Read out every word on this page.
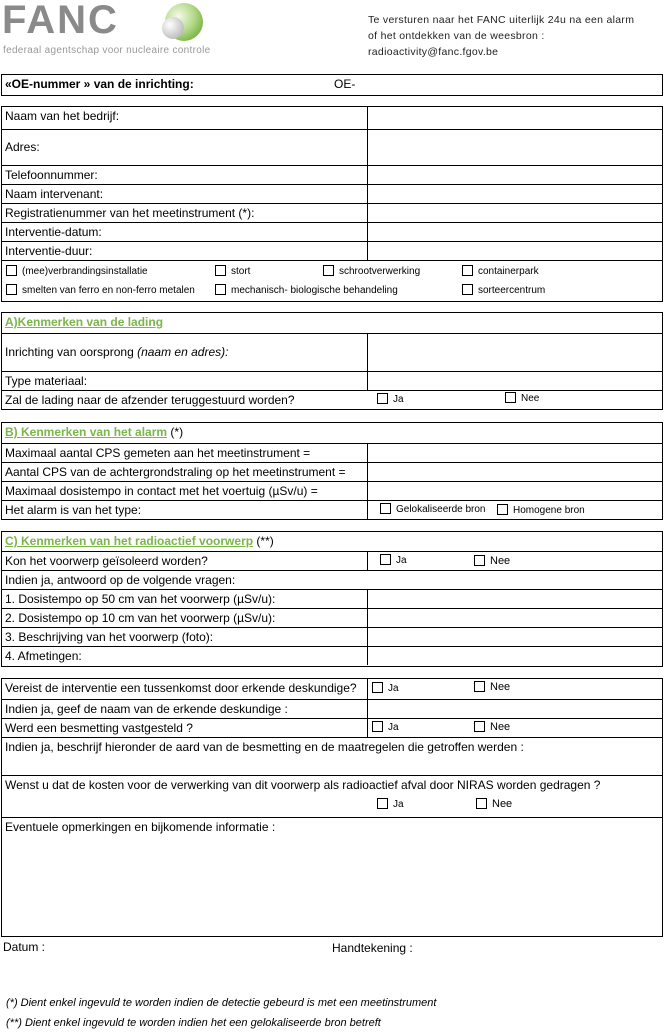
FANC
federaal agentschap voor nucleaire controle
Te versturen naar het FANC uiterlijk 24u na een alarm
of het ontdekken van de weesbron :
radioactivity@fanc.fgov.be
«OE-nummer » van de inrichting:	OE-
Naam van het bedrijf:
Adres:
Telefoonnummer:
Naam intervenant:
Registratienummer van het meetinstrument (*):
Interventie-datum:
Interventie-duur:
(mee)verbrandingsinstallatie	stort	schrootverwerking	containerpark
smelten van ferro en non-ferro metalen	mechanisch- biologische behandeling	sorteercentrum
A)Kenmerken van de lading
Inrichting van oorsprong (naam en adres):
Type materiaal:
Zal de lading naar de afzender teruggestuurd worden?	Ja	Nee
B) Kenmerken van het alarm (*)
Maximaal aantal CPS gemeten aan het meetinstrument =
Aantal CPS van de achtergrondstraling op het meetinstrument =
Maximaal dosistempo in contact met het voertuig (µSv/u) =
Het alarm is van het type:	Gelokaliseerde bron	Homogene bron
C) Kenmerken van het radioactief voorwerp (**)
Kon het voorwerp geïsoleerd worden?	Ja	Nee
Indien ja, antwoord op de volgende vragen:
1. Dosistempo op 50 cm van het voorwerp (µSv/u):
2. Dosistempo op 10 cm van het voorwerp (µSv/u):
3. Beschrijving van het voorwerp (foto):
4. Afmetingen:
Vereist de interventie een tussenkomst door erkende deskundige?	Ja	Nee
Indien ja, geef de naam van de erkende deskundige :
Werd een besmetting vastgesteld ?	Ja	Nee
Indien ja, beschrijf hieronder de aard van de besmetting en de maatregelen die getroffen werden :
Wenst u dat de kosten voor de verwerking van dit voorwerp als radioactief afval door NIRAS worden gedragen ?
Ja	Nee
Eventuele opmerkingen en bijkomende informatie :
Datum :	Handtekening :
(*) Dient enkel ingevuld te worden indien de detectie gebeurd is met een meetinstrument
(**) Dient enkel ingevuld te worden indien het een gelokaliseerde bron betreft
